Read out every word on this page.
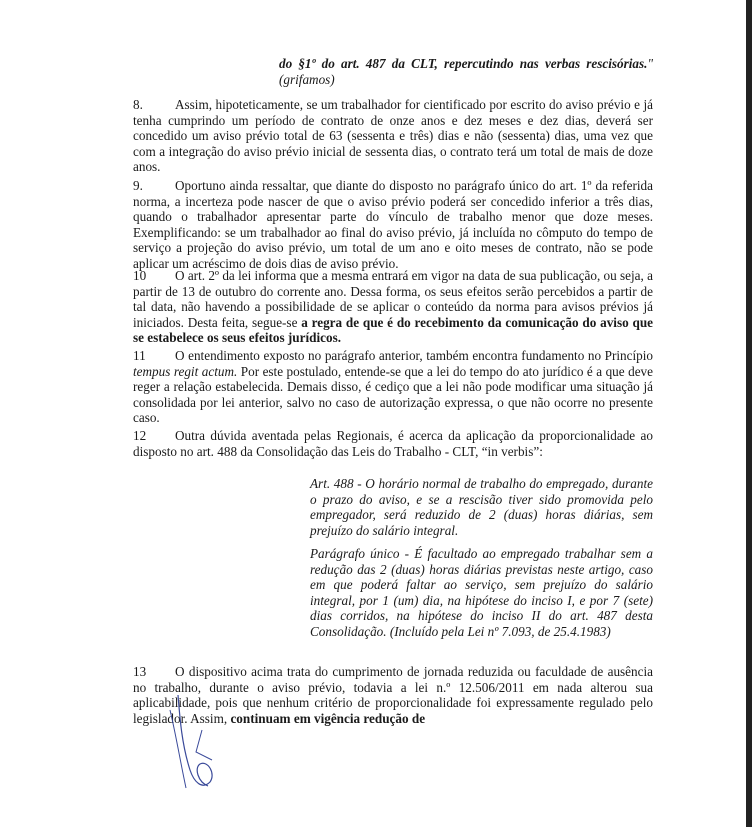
do §1º do art. 487 da CLT, repercutindo nas verbas rescisórias."(grifamos)
8. Assim, hipoteticamente, se um trabalhador for cientificado por escrito do aviso prévio e já tenha cumprindo um período de contrato de onze anos e dez meses e dez dias, deverá ser concedido um aviso prévio total de 63 (sessenta e três) dias e não (sessenta) dias, uma vez que com a integração do aviso prévio inicial de sessenta dias, o contrato terá um total de mais de doze anos.
9. Oportuno ainda ressaltar, que diante do disposto no parágrafo único do art. 1º da referida norma, a incerteza pode nascer de que o aviso prévio poderá ser concedido inferior a três dias, quando o trabalhador apresentar parte do vínculo de trabalho menor que doze meses. Exemplificando: se um trabalhador ao final do aviso prévio, já incluída no cômputo do tempo de serviço a projeção do aviso prévio, um total de um ano e oito meses de contrato, não se pode aplicar um acréscimo de dois dias de aviso prévio.
10 O art. 2º da lei informa que a mesma entrará em vigor na data de sua publicação, ou seja, a partir de 13 de outubro do corrente ano. Dessa forma, os seus efeitos serão percebidos a partir de tal data, não havendo a possibilidade de se aplicar o conteúdo da norma para avisos prévios já iniciados. Desta feita, segue-se a regra de que é do recebimento da comunicação do aviso que se estabelece os seus efeitos jurídicos.
11 O entendimento exposto no parágrafo anterior, também encontra fundamento no Princípio tempus regit actum. Por este postulado, entende-se que a lei do tempo do ato jurídico é a que deve reger a relação estabelecida. Demais disso, é cediço que a lei não pode modificar uma situação já consolidada por lei anterior, salvo no caso de autorização expressa, o que não ocorre no presente caso.
12 Outra dúvida aventada pelas Regionais, é acerca da aplicação da proporcionalidade ao disposto no art. 488 da Consolidação das Leis do Trabalho - CLT, “in verbis”:
Art. 488 - O horário normal de trabalho do empregado, durante o prazo do aviso, e se a rescisão tiver sido promovida pelo empregador, será reduzido de 2 (duas) horas diárias, sem prejuízo do salário integral.
Parágrafo único - É facultado ao empregado trabalhar sem a redução das 2 (duas) horas diárias previstas neste artigo, caso em que poderá faltar ao serviço, sem prejuízo do salário integral, por 1 (um) dia, na hipótese do inciso I, e por 7 (sete) dias corridos, na hipótese do inciso II do art. 487 desta Consolidação. (Incluído pela Lei nº 7.093, de 25.4.1983)
13 O dispositivo acima trata do cumprimento de jornada reduzida ou faculdade de ausência no trabalho, durante o aviso prévio, todavia a lei n.º 12.506/2011 em nada alterou sua aplicabilidade, pois que nenhum critério de proporcionalidade foi expressamente regulado pelo legislador. Assim, continuam em vigência redução de
